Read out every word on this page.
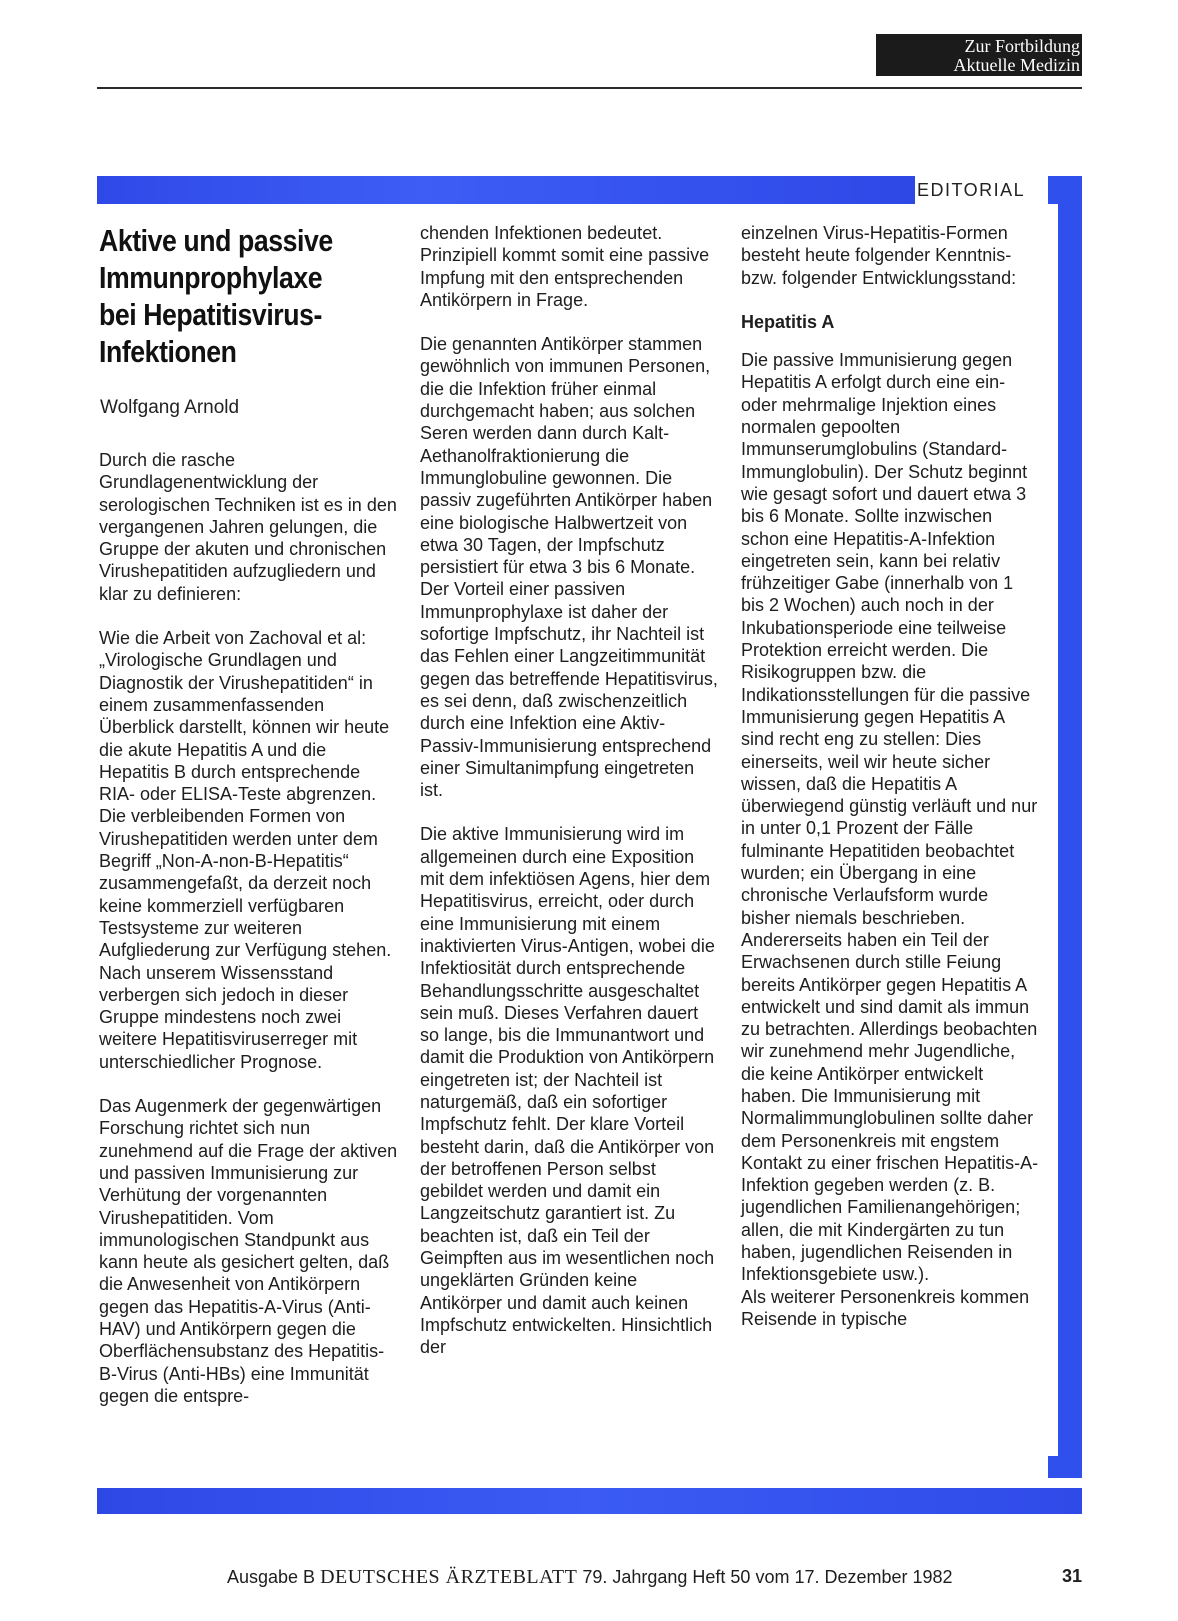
Zur Fortbildung
Aktuelle Medizin
EDITORIAL
Aktive und passive Immunprophylaxe bei Hepatitisvirus-Infektionen
Wolfgang Arnold

Durch die rasche Grundlagenentwicklung der serologischen Techniken ist es in den vergangenen Jahren gelungen, die Gruppe der akuten und chronischen Virushepatitiden aufzugliedern und klar zu definieren:

Wie die Arbeit von Zachoval et al: „Virologische Grundlagen und Diagnostik der Virushepatitiden“ in einem zusammenfassenden Überblick darstellt, können wir heute die akute Hepatitis A und die Hepatitis B durch entsprechende RIA- oder ELISA-Teste abgrenzen. Die verbleibenden Formen von Virushepatitiden werden unter dem Begriff „Non-A-non-B-Hepatitis“ zusammengefaßt, da derzeit noch keine kommerziell verfügbaren Testsysteme zur weiteren Aufgliederung zur Verfügung stehen. Nach unserem Wissensstand verbergen sich jedoch in dieser Gruppe mindestens noch zwei weitere Hepatitisviruserreger mit unterschiedlicher Prognose.

Das Augenmerk der gegenwärtigen Forschung richtet sich nun zunehmend auf die Frage der aktiven und passiven Immunisierung zur Verhütung der vorgenannten Virushepatitiden. Vom immunologischen Standpunkt aus kann heute als gesichert gelten, daß die Anwesenheit von Antikörpern gegen das Hepatitis-A-Virus (Anti-HAV) und Antikörpern gegen die Oberflächensubstanz des Hepatitis-B-Virus (Anti-HBs) eine Immunität gegen die entspre-

chenden Infektionen bedeutet. Prinzipiell kommt somit eine passive Impfung mit den entsprechenden Antikörpern in Frage.

Die genannten Antikörper stammen gewöhnlich von immunen Personen, die die Infektion früher einmal durchgemacht haben; aus solchen Seren werden dann durch Kalt-Aethanolfraktionierung die Immunglobuline gewonnen. Die passiv zugeführten Antikörper haben eine biologische Halbwertzeit von etwa 30 Tagen, der Impfschutz persistiert für etwa 3 bis 6 Monate. Der Vorteil einer passiven Immunprophylaxe ist daher der sofortige Impfschutz, ihr Nachteil ist das Fehlen einer Langzeitimmunität gegen das betreffende Hepatitisvirus, es sei denn, daß zwischenzeitlich durch eine Infektion eine Aktiv-Passiv-Immunisierung entsprechend einer Simultanimpfung eingetreten ist.

Die aktive Immunisierung wird im allgemeinen durch eine Exposition mit dem infektiösen Agens, hier dem Hepatitisvirus, erreicht, oder durch eine Immunisierung mit einem inaktivierten Virus-Antigen, wobei die Infektiosität durch entsprechende Behandlungsschritte ausgeschaltet sein muß. Dieses Verfahren dauert so lange, bis die Immunantwort und damit die Produktion von Antikörpern eingetreten ist; der Nachteil ist naturgemäß, daß ein sofortiger Impfschutz fehlt. Der klare Vorteil besteht darin, daß die Antikörper von der betroffenen Person selbst gebildet werden und damit ein Langzeitschutz garantiert ist. Zu beachten ist, daß ein Teil der Geimpften aus im wesentlichen noch ungeklärten Gründen keine Antikörper und damit auch keinen Impfschutz entwickelten. Hinsichtlich der

einzelnen Virus-Hepatitis-Formen besteht heute folgender Kenntnis- bzw. folgender Entwicklungsstand:

Hepatitis A

Die passive Immunisierung gegen Hepatitis A erfolgt durch eine ein- oder mehrmalige Injektion eines normalen gepoolten Immunserumglobulins (Standard-Immunglobulin). Der Schutz beginnt wie gesagt sofort und dauert etwa 3 bis 6 Monate. Sollte inzwischen schon eine Hepatitis-A-Infektion eingetreten sein, kann bei relativ frühzeitiger Gabe (innerhalb von 1 bis 2 Wochen) auch noch in der Inkubationsperiode eine teilweise Protektion erreicht werden. Die Risikogruppen bzw. die Indikationsstellungen für die passive Immunisierung gegen Hepatitis A sind recht eng zu stellen: Dies einerseits, weil wir heute sicher wissen, daß die Hepatitis A überwiegend günstig verläuft und nur in unter 0,1 Prozent der Fälle fulminante Hepatitiden beobachtet wurden; ein Übergang in eine chronische Verlaufsform wurde bisher niemals beschrieben. Andererseits haben ein Teil der Erwachsenen durch stille Feiung bereits Antikörper gegen Hepatitis A entwickelt und sind damit als immun zu betrachten. Allerdings beobachten wir zunehmend mehr Jugendliche, die keine Antikörper entwickelt haben. Die Immunisierung mit Normalimmunglobulinen sollte daher dem Personenkreis mit engstem Kontakt zu einer frischen Hepatitis-A-Infektion gegeben werden (z. B. jugendlichen Familienangehörigen; allen, die mit Kindergärten zu tun haben, jugendlichen Reisenden in Infektionsgebiete usw.).

Als weiterer Personenkreis kommen Reisende in typische

Ausgabe B DEUTSCHES ÄRZTEBLATT 79. Jahrgang Heft 50 vom 17. Dezember 1982	31
